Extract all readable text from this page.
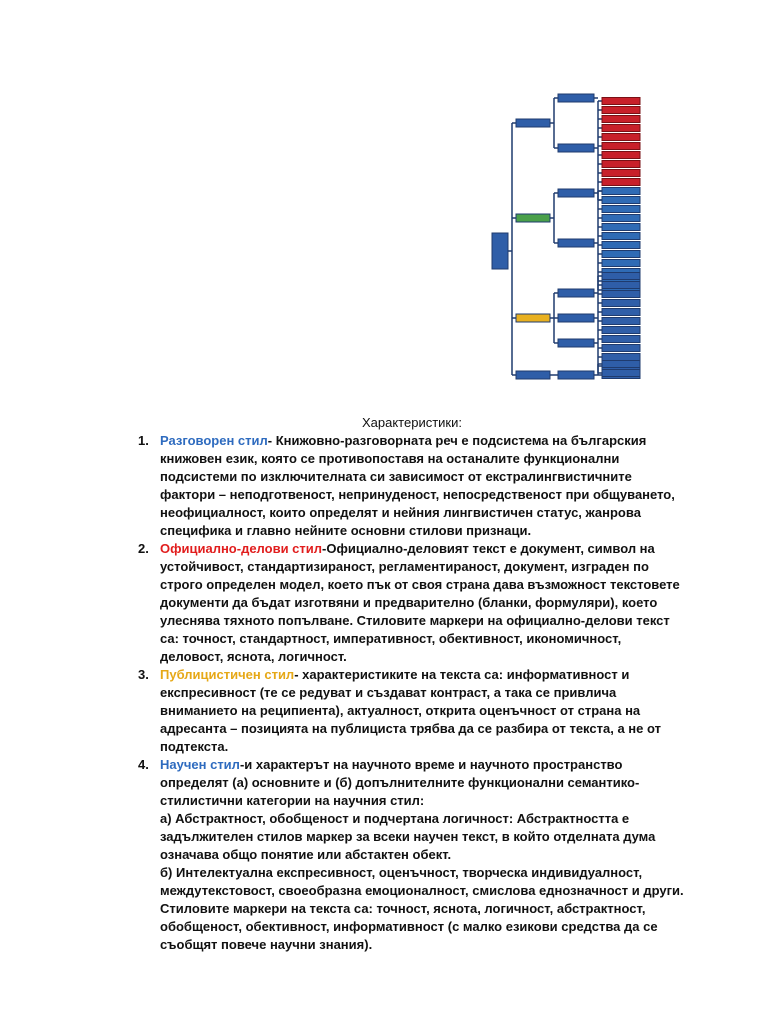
Характеристики:
1. Разговорен стил- Книжовно-разговорната реч е подсистема на българския книжовен език, която се противопоставя на останалите функционални подсистеми по изключителната си зависимост от екстралингвистичните фактори – неподготвеност, непринуденост, непосредственост при общуването, неофициалност, които определят и нейния лингвистичен статус, жанрова специфика и главно нейните основни стилови признаци.
2. Официално-делови стил-Официално-деловият текст е документ, символ на устойчивост, стандартизираност, регламентираност, документ, изграден по строго определен модел, което пък от своя страна дава възможност текстовете документи да бъдат изготвяни и предварително (бланки, формуляри), което улеснява тяхното попълване. Стиловите маркери на официално-делови текст са: точност, стандартност, императивност, обективност, икономичност, деловост, яснота, логичност.
3. Публицистичен стил- характеристиките на текста са: информативност и експресивност (те се редуват и създават контраст, а така се привлича вниманието на реципиента), актуалност, открита оценъчност от страна на адресанта – позицията на публициста трябва да се разбира от текста, а не от подтекста.
4. Научен стил-и характерът на научното време и научното пространство определят (а) основните и (б) допълнителните функционални семантико-стилистични категории на научния стил:
а) Абстрактност, обобщеност и подчертана логичност: Абстрактността е задължителен стилов маркер за всеки научен текст, в който отделната дума означава общо понятие или абстактен обект.
б) Интелектуална експресивност, оценъчност, творческа индивидуалност, междутекстовост, своеобразна емоционалност, смислова еднозначност и други.
Стиловите маркери на текста са: точност, яснота, логичност, абстрактност, обобщеност, обективност, информативност (с малко езикови средства да се съобщят повече научни знания).
